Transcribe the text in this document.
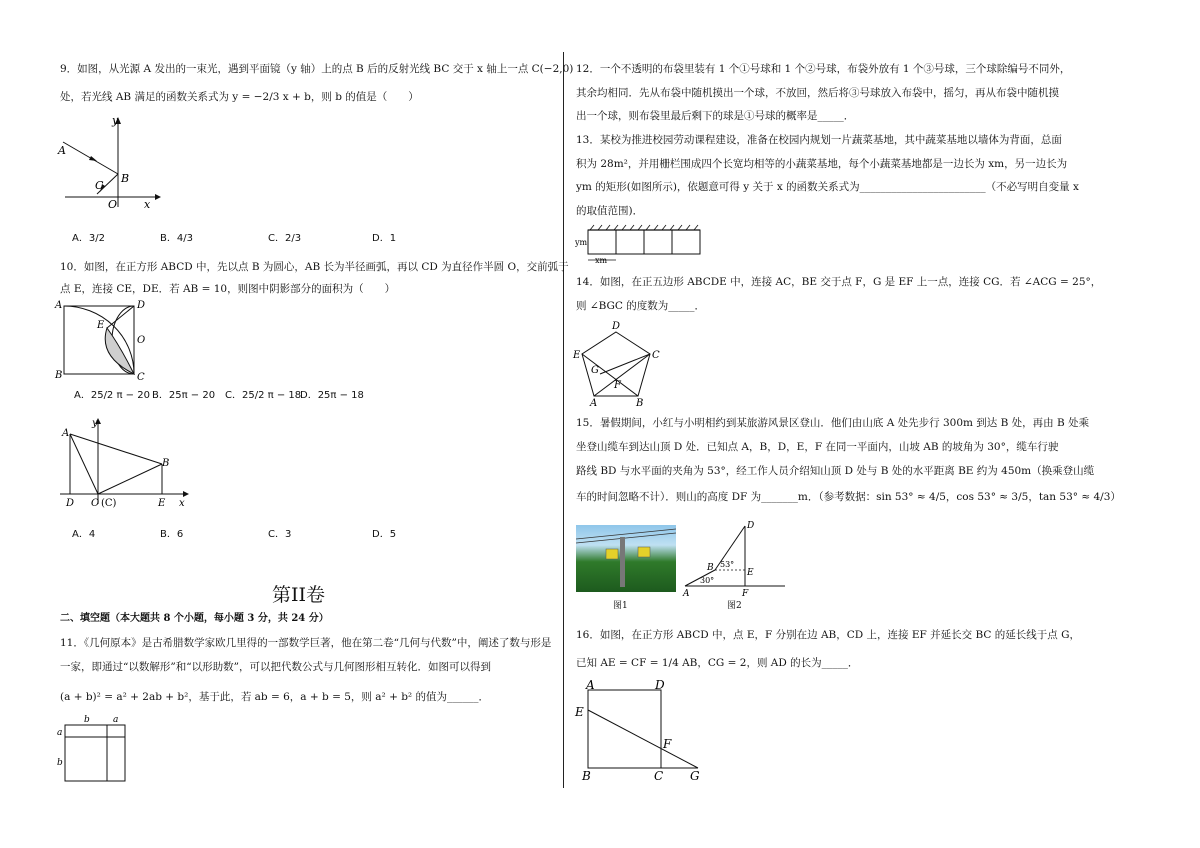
9．如图，从光源 A 发出的一束光，遇到平面镜（y 轴）上的点 B 后的反射光线 BC 交于 x 轴上一点 C(−2,0)
处，若光线 AB 满足的函数关系式为 y = −2/3 x + b，则 b 的值是（　　）
y
A
C
B
O x
A．3/2	B．4/3	C．2/3	D．1
10．如图，在正方形 ABCD 中，先以点 B 为圆心，AB 长为半径画弧，再以 CD 为直径作半圆 O，交前弧于
点 E，连接 CE，DE．若 AB = 10，则图中阴影部分的面积为（　　）
A	D
E
O
B	C
A．25/2 π − 20 B．25π − 20 C．25/2 π − 18
D．25π − 18
A
y
B
D O (C)	E x
A．4	B．6	C．3	D．5
第II卷
二、填空题（本大题共 8 个小题，每小题 3 分，共 24 分）
11．《几何原本》是古希腊数学家欧几里得的一部数学巨著，他在第二卷“几何与代数”中，阐述了数与形是
一家，即通过“以数解形”和“以形助数”，可以把代数公式与几何图形相互转化．如图可以得到
(a + b)² = a² + 2ab + b²，基于此，若 ab = 6，a + b = 5，则 a² + b² 的值为______．
b	a
a
b
12．一个不透明的布袋里装有 1 个①号球和 1 个②号球，布袋外放有 1 个③号球，三个球除编号不同外，
其余均相同．先从布袋中随机摸出一个球，不放回，然后将③号球放入布袋中，摇匀，再从布袋中随机摸
出一个球，则布袋里最后剩下的球是①号球的概率是_____．
13．某校为推进校园劳动课程建设，准备在校园内规划一片蔬菜基地，其中蔬菜基地以墙体为背面，总面
积为 28m²，并用栅栏围成四个长宽均相等的小蔬菜基地，每个小蔬菜基地都是一边长为 xm，另一边长为
ym 的矩形(如图所示)，依题意可得 y 关于 x 的函数关系式为________________________（不必写明自变量 x
的取值范围)．
ym
xm
14．如图，在正五边形 ABCDE 中，连接 AC，BE 交于点 F，G 是 EF 上一点，连接 CG．若 ∠ACG = 25°，
则 ∠BGC 的度数为_____．
D
E	C
G
F
A	B
15．暑假期间，小红与小明相约到某旅游风景区登山．他们由山底 A 处先步行 300m 到达 B 处，再由 B 处乘
坐登山缆车到达山顶 D 处．已知点 A，B，D，E，F 在同一平面内，山坡 AB 的坡角为 30°，缆车行驶
路线 BD 与水平面的夹角为 53°，经工作人员介绍知山顶 D 处与 B 处的水平距离 BE 约为 450m（换乘登山缆
车的时间忽略不计）．则山的高度 DF 为_______m．（参考数据：sin 53° ≈ 4/5，cos 53° ≈ 3/5，tan 53° ≈ 4/3）
图1
D
B 53°
E
30°
A	F
图2
16．如图，在正方形 ABCD 中，点 E，F 分别在边 AB，CD 上，连接 EF 并延长交 BC 的延长线于点 G，
已知 AE = CF = 1/4 AB，CG = 2，则 AD 的长为_____．
A	D
E
F
B	C G
